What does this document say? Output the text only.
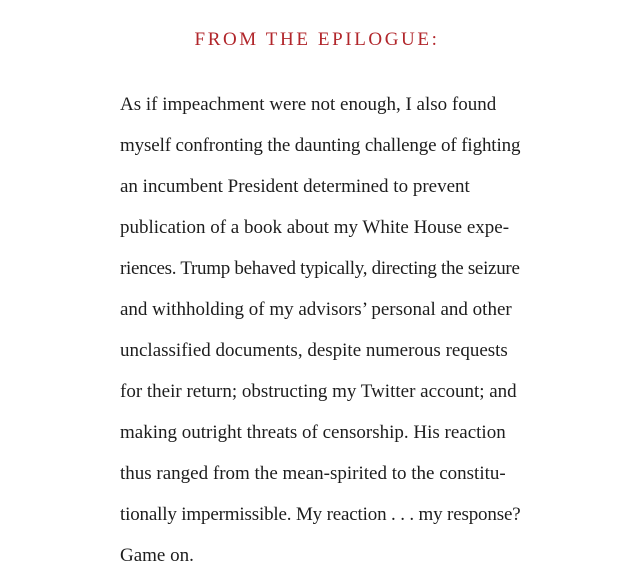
FROM THE EPILOGUE:
As if impeachment were not enough, I also found
myself confronting the daunting challenge of fighting
an incumbent President determined to prevent
publication of a book about my White House expe-
riences. Trump behaved typically, directing the seizure
and withholding of my advisors’ personal and other
unclassified documents, despite numerous requests
for their return; obstructing my Twitter account; and
making outright threats of censorship. His reaction
thus ranged from the mean-spirited to the constitu-
tionally impermissible. My reaction . . . my response?
Game on.
